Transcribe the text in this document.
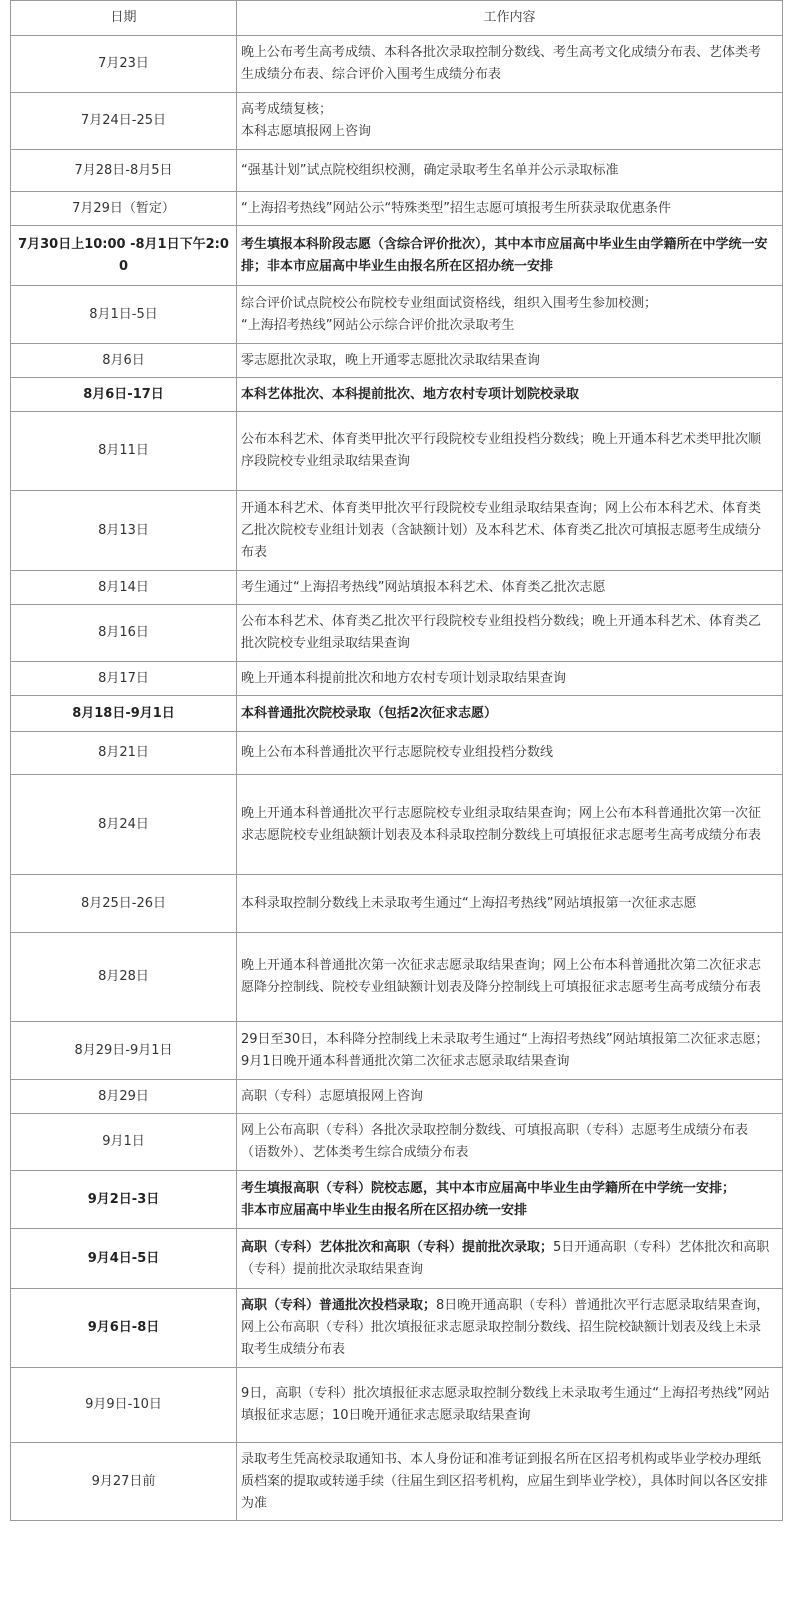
日期	工作内容
7月23日	晚上公布考生高考成绩、本科各批次录取控制分数线、考生高考文化成绩分布表、艺体类考生成绩分布表、综合评价入围考生成绩分布表

7月24日-25日	高考成绩复核；
本科志愿填报网上咨询

7月28日-8月5日	“强基计划”试点院校组织校测，确定录取考生名单并公示录取标准

7月29日（暂定）	“上海招考热线”网站公示“特殊类型”招生志愿可填报考生所获录取优惠条件

7月30日上10:00 -8月1日下午2:00	考生填报本科阶段志愿（含综合评价批次），其中本市应届高中毕业生由学籍所在中学统一安排；非本市应届高中毕业生由报名所在区招办统一安排

8月1日-5日	综合评价试点院校公布院校专业组面试资格线，组织入围考生参加校测；
“上海招考热线”网站公示综合评价批次录取考生

8月6日	零志愿批次录取，晚上开通零志愿批次录取结果查询

8月6日-17日	本科艺体批次、本科提前批次、地方农村专项计划院校录取

8月11日	公布本科艺术、体育类甲批次平行段院校专业组投档分数线；晚上开通本科艺术类甲批次顺序段院校专业组录取结果查询

8月13日	开通本科艺术、体育类甲批次平行段院校专业组录取结果查询；网上公布本科艺术、体育类乙批次院校专业组计划表（含缺额计划）及本科艺术、体育类乙批次可填报志愿考生成绩分布表

8月14日	考生通过“上海招考热线”网站填报本科艺术、体育类乙批次志愿

8月16日	公布本科艺术、体育类乙批次平行段院校专业组投档分数线；晚上开通本科艺术、体育类乙批次院校专业组录取结果查询

8月17日	晚上开通本科提前批次和地方农村专项计划录取结果查询

8月18日-9月1日	本科普通批次院校录取（包括2次征求志愿）

8月21日	晚上公布本科普通批次平行志愿院校专业组投档分数线

8月24日	晚上开通本科普通批次平行志愿院校专业组录取结果查询；网上公布本科普通批次第一次征求志愿院校专业组缺额计划表及本科录取控制分数线上可填报征求志愿考生高考成绩分布表

8月25日-26日	本科录取控制分数线上未录取考生通过“上海招考热线”网站填报第一次征求志愿

8月28日	晚上开通本科普通批次第一次征求志愿录取结果查询；网上公布本科普通批次第二次征求志愿降分控制线、院校专业组缺额计划表及降分控制线上可填报征求志愿考生高考成绩分布表

8月29日-9月1日	29日至30日，本科降分控制线上未录取考生通过“上海招考热线”网站填报第二次征求志愿；9月1日晚开通本科普通批次第二次征求志愿录取结果查询

8月29日	高职（专科）志愿填报网上咨询

9月1日	网上公布高职（专科）各批次录取控制分数线、可填报高职（专科）志愿考生成绩分布表（语数外）、艺体类考生综合成绩分布表

9月2日-3日	考生填报高职（专科）院校志愿，其中本市应届高中毕业生由学籍所在中学统一安排；
非本市应届高中毕业生由报名所在区招办统一安排

9月4日-5日	高职（专科）艺体批次和高职（专科）提前批次录取；5日开通高职（专科）艺体批次和高职（专科）提前批次录取结果查询

9月6日-8日	高职（专科）普通批次投档录取；8日晚开通高职（专科）普通批次平行志愿录取结果查询，网上公布高职（专科）批次填报征求志愿录取控制分数线、招生院校缺额计划表及线上未录取考生成绩分布表

9月9日-10日	9日，高职（专科）批次填报征求志愿录取控制分数线上未录取考生通过“上海招考热线”网站填报征求志愿；10日晚开通征求志愿录取结果查询

9月27日前	录取考生凭高校录取通知书、本人身份证和准考证到报名所在区招考机构或毕业学校办理纸质档案的提取或转递手续（往届生到区招考机构，应届生到毕业学校），具体时间以各区安排为准
